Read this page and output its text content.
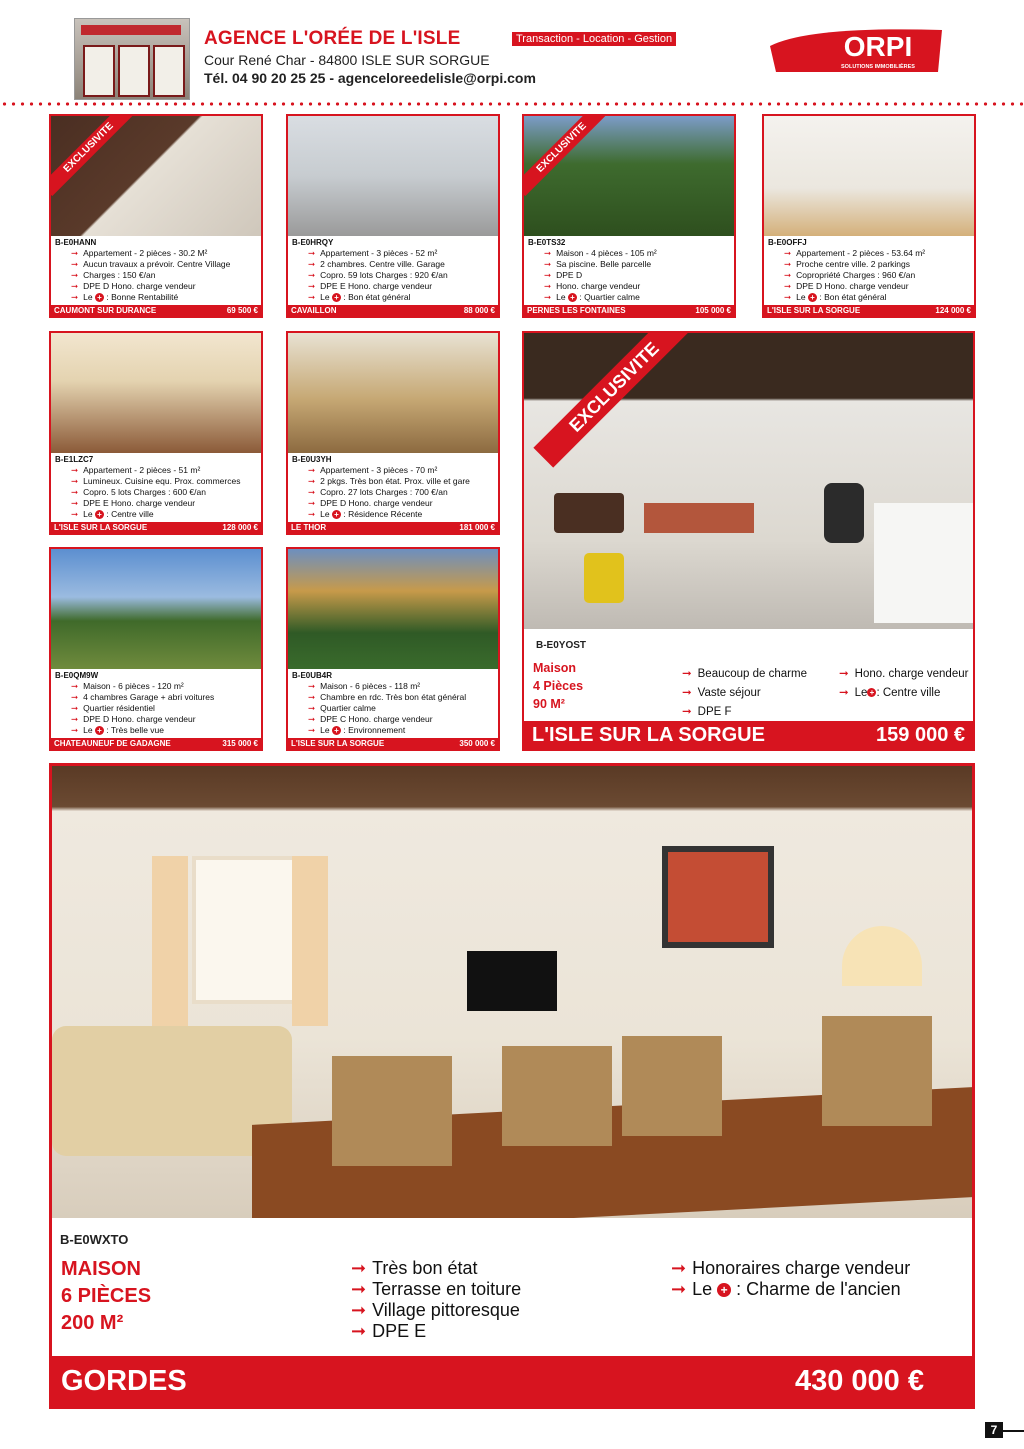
AGENCE L'ORÉE DE L'ISLE
Cour René Char - 84800 ISLE SUR SORGUE
Tél. 04 90 20 25 25 - agenceloreedelisle@orpi.com
Transaction - Location - Gestion	ORPI
SOLUTIONS IMMOBILIÈRES
EXCLUSIVITE
B-E0HANN
➞ Appartement - 2 pièces - 30.2 M²
➞ Aucun travaux a prévoir. Centre Village
➞ Charges : 150 €/an
➞ DPE D Hono. charge vendeur
➞ Le + : Bonne Rentabilité
CAUMONT SUR DURANCE	69 500 €
B-E0HRQY
➞ Appartement - 3 pièces - 52 m²
➞ 2 chambres. Centre ville. Garage
➞ Copro. 59 lots Charges : 920 €/an
➞ DPE E Hono. charge vendeur
➞ Le + : Bon état général
CAVAILLON	88 000 €
EXCLUSIVITE
B-E0TS32
➞ Maison - 4 pièces - 105 m²
➞ Sa piscine. Belle parcelle
➞ DPE D
➞ Hono. charge vendeur
➞ Le + : Quartier calme
PERNES LES FONTAINES	105 000 €
B-E0OFFJ
➞ Appartement - 2 pièces - 53.64 m²
➞ Proche centre ville. 2 parkings
➞ Copropriété Charges : 960 €/an
➞ DPE D Hono. charge vendeur
➞ Le + : Bon état général
L'ISLE SUR LA SORGUE	124 000 €
B-E1LZC7
➞ Appartement - 2 pièces - 51 m²
➞ Lumineux. Cuisine equ. Prox. commerces
➞ Copro. 5 lots Charges : 600 €/an
➞ DPE E Hono. charge vendeur
➞ Le + : Centre ville
L'ISLE SUR LA SORGUE	128 000 €
B-E0U3YH
➞ Appartement - 3 pièces - 70 m²
➞ 2 pkgs. Très bon état. Prox. ville et gare
➞ Copro. 27 lots Charges : 700 €/an
➞ DPE D Hono. charge vendeur
➞ Le + : Résidence Récente
LE THOR	181 000 €
B-E0QM9W
➞ Maison - 6 pièces - 120 m²
➞ 4 chambres Garage + abri voitures
➞ Quartier résidentiel
➞ DPE D Hono. charge vendeur
➞ Le + : Très belle vue
CHATEAUNEUF DE GADAGNE	315 000 €
B-E0UB4R
➞ Maison - 6 pièces - 118 m²
➞ Chambre en rdc. Très bon état général
➞ Quartier calme
➞ DPE C Hono. charge vendeur
➞ Le + : Environnement
L'ISLE SUR LA SORGUE	350 000 €
EXCLUSIVITE
B-E0YOST
Maison
4 Pièces
90 M²
➞ Beaucoup de charme
➞ Vaste séjour
➞ DPE F
➞ Hono. charge vendeur
➞ Le + : Centre ville
L'ISLE SUR LA SORGUE	159 000 €
B-E0WXTO
MAISON
6 PIÈCES
200 M²
➞ Très bon état
➞ Terrasse en toiture
➞ Village pittoresque
➞ DPE E
➞ Honoraires charge vendeur
➞ Le + : Charme de l'ancien
GORDES	430 000 €
7
